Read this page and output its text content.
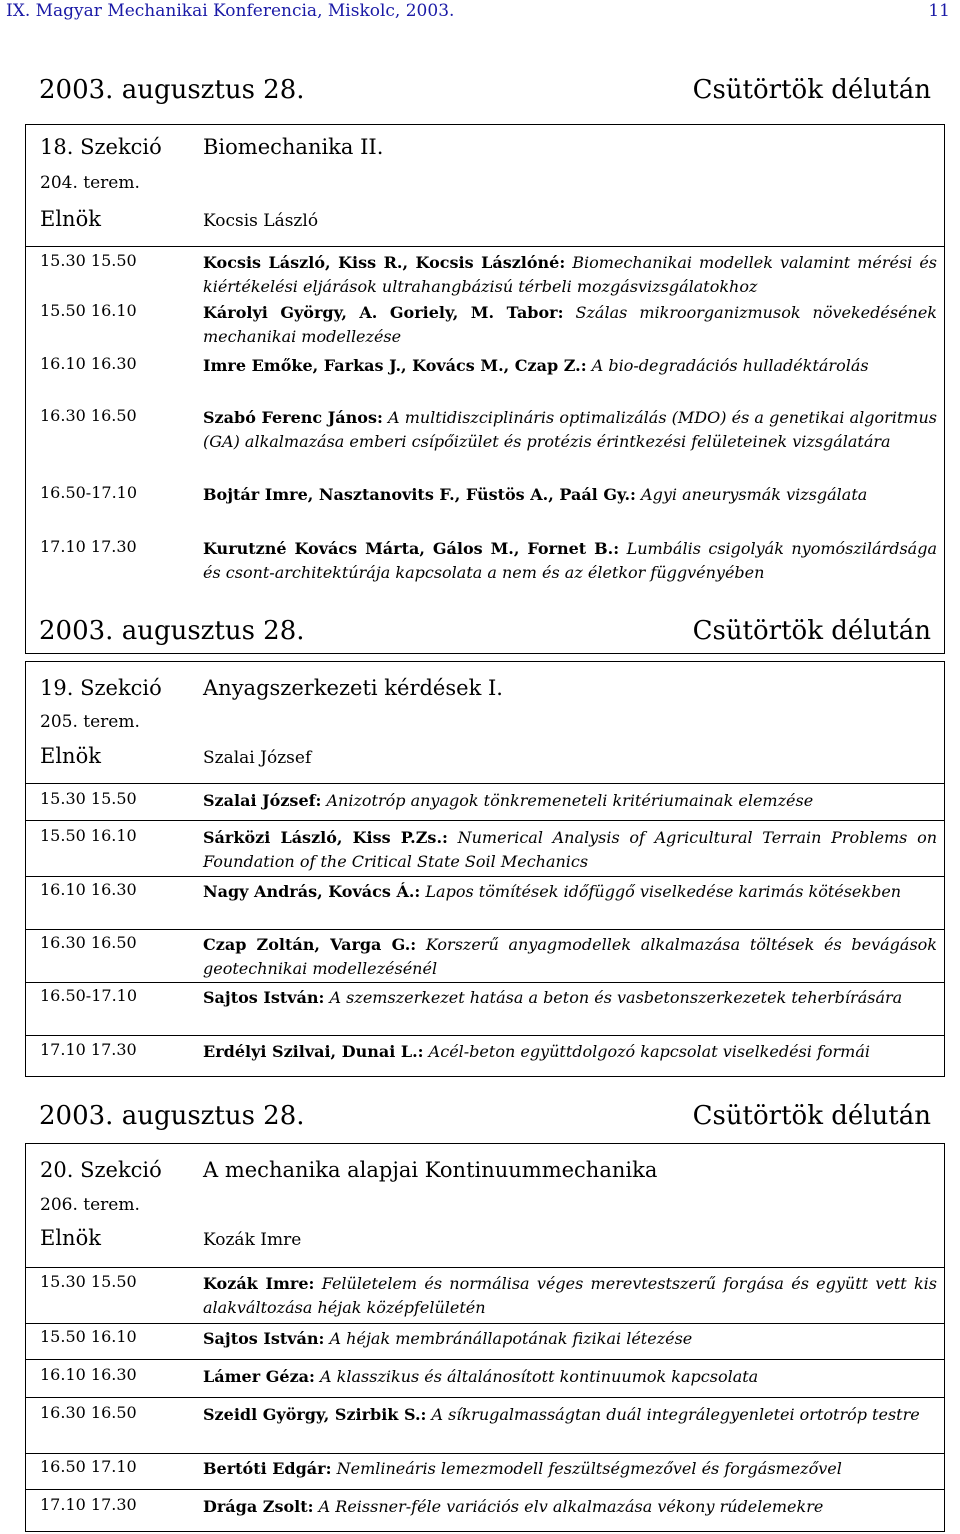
IX. Magyar Mechanikai Konferencia, Miskolc, 2003.	11
2003. augusztus 28.	Csütörtök délután
18. Szekció Biomechanika II.
204. terem.
Elnök	Kocsis László
15.30 15.50	Kocsis László, Kiss R., Kocsis Lászlóné: Biomechanikai modellek valamint mérési és kiértékelési eljárások ultrahangbázisú térbeli mozgásvizsgálatokhoz
15.50 16.10	Károlyi György, A. Goriely, M. Tabor: Szálas mikroorganizmusok növekedésének mechanikai modellezése
16.10 16.30	Imre Emőke, Farkas J., Kovács M., Czap Z.: A bio-degradációs hulladéktárolás
16.30 16.50	Szabó Ferenc János: A multidiszciplináris optimalizálás (MDO) és a genetikai algoritmus (GA) alkalmazása emberi csípőizület és protézis érintkezési felületeinek vizsgálatára
16.50-17.10	Bojtár Imre, Nasztanovits F., Füstös A., Paál Gy.: Agyi aneurysmák vizsgálata
17.10 17.30	Kurutzné Kovács Márta, Gálos M., Fornet B.: Lumbális csigolyák nyomószilárdsága és csont-architektúrája kapcsolata a nem és az életkor függvényében
2003. augusztus 28.	Csütörtök délután
19. Szekció Anyagszerkezeti kérdések I.
205. terem.
Elnök	Szalai József
15.30 15.50	Szalai József: Anizotróp anyagok tönkremeneteli kritériumainak elemzése
15.50 16.10	Sárközi László, Kiss P.Zs.: Numerical Analysis of Agricultural Terrain Problems on Foundation of the Critical State Soil Mechanics
16.10 16.30	Nagy András, Kovács Á.: Lapos tömítések időfüggő viselkedése karimás kötésekben
16.30 16.50	Czap Zoltán, Varga G.: Korszerű anyagmodellek alkalmazása töltések és bevágások geotechnikai modellezésénél
16.50-17.10	Sajtos István: A szemszerkezet hatása a beton és vasbetonszerkezetek teherbírására
17.10 17.30	Erdélyi Szilvai, Dunai L.: Acél-beton együttdolgozó kapcsolat viselkedési formái
2003. augusztus 28.	Csütörtök délután
20. Szekció A mechanika alapjai Kontinuummechanika
206. terem.
Elnök	Kozák Imre
15.30 15.50	Kozák Imre: Felületelem és normálisa véges merevtestszerű forgása és együtt vett kis alakváltozása héjak középfelületén
15.50 16.10	Sajtos István: A héjak membránállapotának fizikai létezése
16.10 16.30	Lámer Géza: A klasszikus és általánosított kontinuumok kapcsolata
16.30 16.50	Szeidl György, Szirbik S.: A síkrugalmasságtan duál integrálegyenletei ortotróp testre
16.50 17.10	Bertóti Edgár: Nemlineáris lemezmodell feszültségmezővel és forgásmezővel
17.10 17.30	Drága Zsolt: A Reissner-féle variációs elv alkalmazása vékony rúdelemekre
